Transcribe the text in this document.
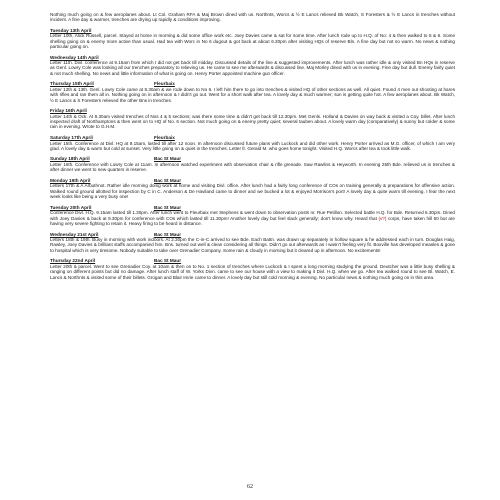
Nothing much going on & few aeroplanes about. Lt Col. Graham RFA & Maj Brown dined with us. Northnts, Worcs & ½ E Lancs relieved Bk Watch, S Foresters & ½ E Lancs in trenches without incident. A fine day & warmer, trenches are drying up rapidly & conditions improving.

Tuesday 13th April

Letter 10th, Alick Russell, parcel. Stayed at home in morning & did some office work etc. Joey Davies came & sat for some time. After lunch rode up to H.Q. of No: 4 & then walked to 5 & 6. Some shelling going on & enemy more active than usual. Had tea with Worc in No 6 dugout & got back at about 6.30pm after visiting HQs of reserve Bln. A fine day but not so warm. No news & nothing particular going on.

Wednesday 14th April

Letter 11th. Divl. conference at 9.15am from which I did not get back till midday. Discussed details of the line & suggested improvements. After lunch was rather idle & only visited Bn HQs in reserve as Genl. Lowry Cole was looking all our trenches preparatory to relieving us. He came to see me afterwards & discussed line. Maj Morley dined with us in evening. Fine day but dull. Enemy fairly quiet & not much shelling. No news and little information of what is going on. Henry Porter appointed machine gun officer.

Thursday 15th April	Fleurbaix

Letter 12th & 13th. Genl. Lowry Cole came at 8.30am & we rode down to No 6. I left him there to go into trenches & visited HQ of other sections as well. All quiet. Found 4 men out shooting at hares with rifles and ran them all in. Nothing going on in afternoon & I didn't go out. Went for a short walk after tea. A lovely day & much warmer; sun is getting quite hot. A few aeroplanes about. Bk Watch, ½ E Lancs & S Foresters relieved the other Bns in trenches.

Friday 16th April

Letter 14th & Ock. At 8.30am visited trenches of Nos 4 & 5 sections; was there some time & didn't get back till 12.30pm. Met Genls. Holland & Davies on way back & visited a Coy. billet. After lunch inspected draft of Northamptons & then went on to HQ of No. 6 section. Not much going on & enemy pretty quiet; several tauben about. A lovely warm day (comparatively) & sunny but colder & some rain in evening. Wrote to G.H.M.

Saturday 17th April	Fleurbaix

Letter 15th. Conference at Divl. HQ at 9.15am, lasted till after 12 noon. In afternoon discussed future plans with Luckock and did other work. Henry Porter arrived as M.G. officer, of which I am very glad. A lovely day & warm but cold at sunset. Very little going on & quiet in the trenches. Letter fr. Gerald M. who goes home tonight. Visited H.Q. Worcs after tea & took little walk.

Sunday 18th April	Bac St Maur

Letter 16th. Conference with Lowry Cole at 11am. In afternoon watched experiment with observation chair & rifle grenade. Saw Rawlins & Heyworth. In evening 25th Bde. relieved us in trenches & after dinner we went to new quarters in reserve.

Monday 19th April	Bac St Maur

Letters 17th & A Arbuthnot. Rather idle morning doing work at home and visiting Divl. office. After lunch had a fairly long conference of COs on training generally & preparations for offensive action. Walked round ground allotted for inspection by C in C. Anderson & De Haviland came to dinner and we bucked a lot & enjoyed Morrison's port! A lovely day & quite warm till evening. I fear the next week looks like being a very busy one!

Tuesday 20th April	Bac St Maur

Conference Divl. H.Q. 9.15am lasted till 1.30pm. After lunch went to Fleurbaix met Stephens & went down to observation posts nr. Rue Petillon. Selected battle H.Q. for Bde. Returned 6.30pm. Dined with Joey Davies & back at 9.30pm for conference with COs which lasted till 11.30pm! Another lovely day but feel slack generally; don't know why. Heard that (v?) corps, have taken hill 60 but are having very severe fighting to retain it. Heavy firing to be heard in distance.

Wednesday 21st April	Bac St Maur

Letters 18th & 19th. Busy in morning with work indoors. At 2.30pm the C-in-C arrived to see Bde. Each Battn. was drawn up separately in hollow square & he addressed each in turn. Douglas Haig, Rawley, Joey Davies & brilliant staffs accompanied him. Bns. turned out well & clean considering all things. Didn't go out afterwards as I wasn't feeling very fit. Boxville has developed measles & gone to hospital which is very tiresome. Nobody suitable to take over Grenadier Company. Some rain & cloudy in morning but it cleared up in afternoon. No excitements!

Thursday 22nd April	Bac St Maur

Letter 20th & parcel. Went to see Grenadier Coy. at 10am & then on to No. 1 section of trenches where Luckock & I spent a long morning studying the ground. Deutcher was a little busy shelling & ranging on different points but did no damage. After lunch staff of W. Yorks Divn. came to see our house with a view to making it Divl. H.Q. when we go. After tea walked round to see Bl. Watch, E. Lancs & Northnts & visited some of their billets. Grogan and Blair Imrie came to dinner. A lovely day but still cold morning & evening. No particular news & nothing much going on in this area.

62
